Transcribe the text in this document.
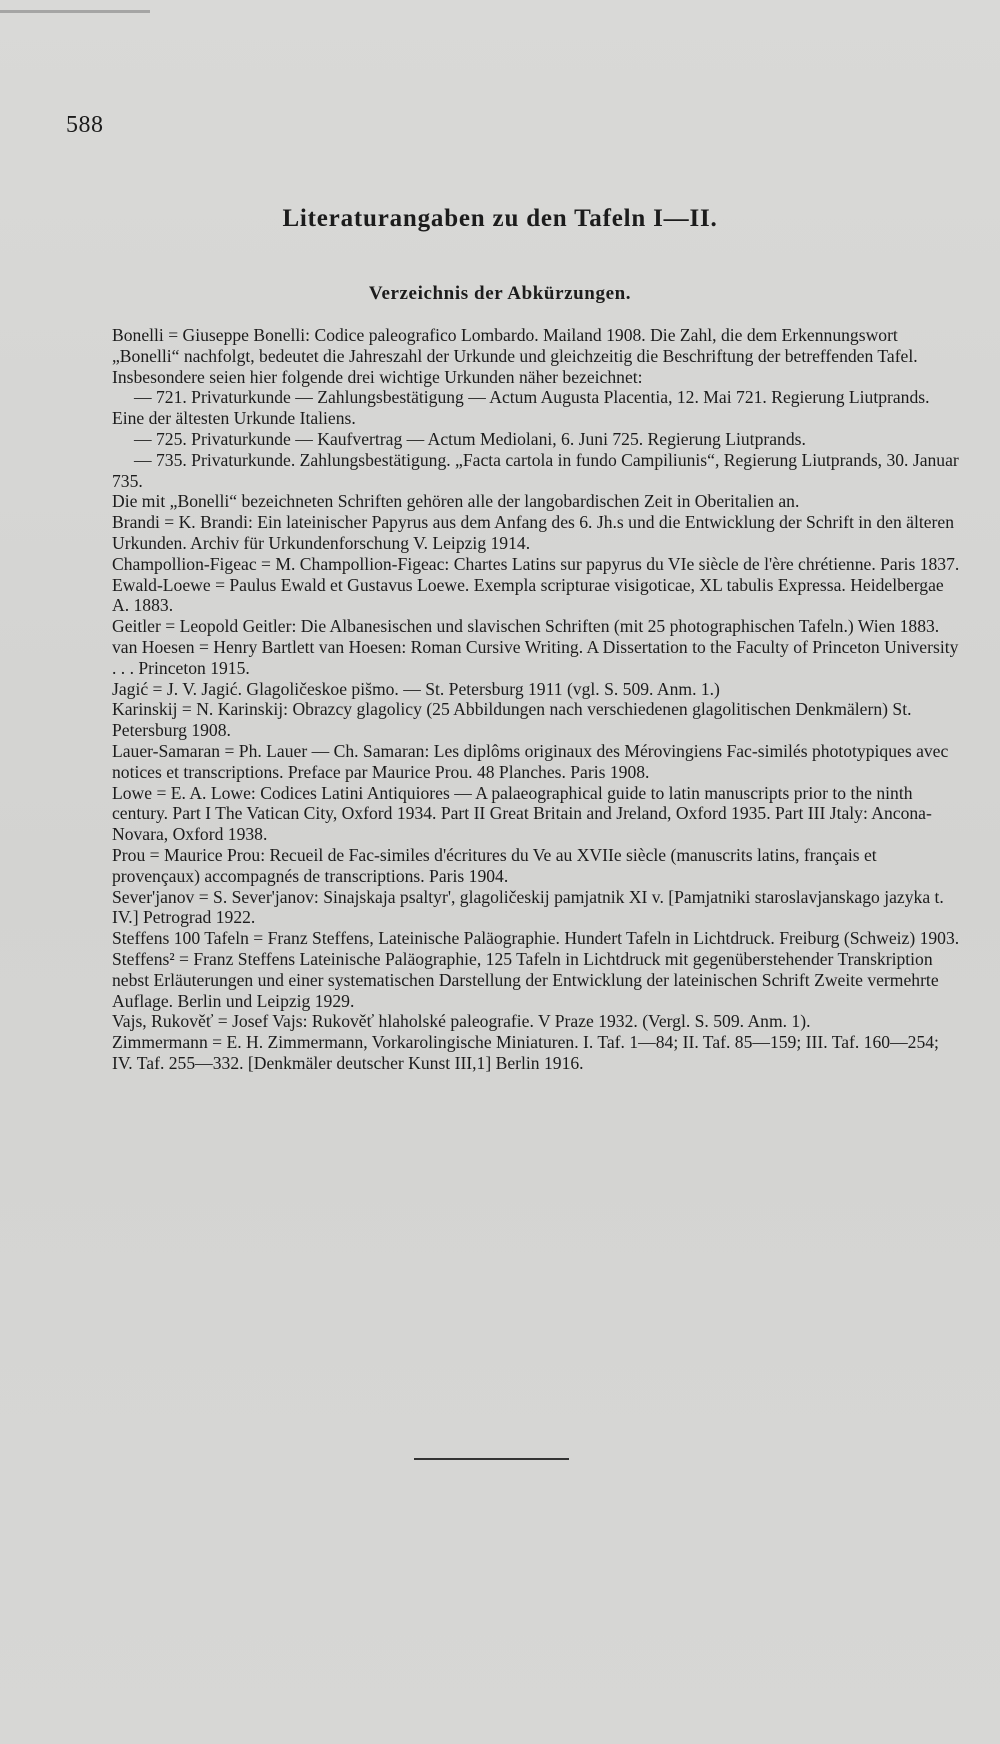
588
Literaturangaben zu den Tafeln I—II.
Verzeichnis der Abkürzungen.

Bonelli = Giuseppe Bonelli: Codice paleografico Lombardo. Mailand 1908. Die Zahl, die dem Erkennungswort „Bonelli“ nachfolgt, bedeutet die Jahreszahl der Urkunde und gleichzeitig die Beschriftung der betreffenden Tafel. Insbesondere seien hier folgende drei wichtige Urkunden näher bezeichnet:

— 721. Privaturkunde — Zahlungsbestätigung — Actum Augusta Placentia, 12. Mai 721. Regierung Liutprands. Eine der ältesten Urkunde Italiens.

— 725. Privaturkunde — Kaufvertrag — Actum Mediolani, 6. Juni 725. Regierung Liutprands.

— 735. Privaturkunde. Zahlungsbestätigung. „Facta cartola in fundo Campiliunis“, Regierung Liutprands, 30. Januar 735.

Die mit „Bonelli“ bezeichneten Schriften gehören alle der langobardischen Zeit in Oberitalien an.

Brandi = K. Brandi: Ein lateinischer Papyrus aus dem Anfang des 6. Jh.s und die Entwicklung der Schrift in den älteren Urkunden. Archiv für Urkundenforschung V. Leipzig 1914.

Champollion-Figeac = M. Champollion-Figeac: Chartes Latins sur papyrus du VIe siècle de l'ère chrétienne. Paris 1837.

Ewald-Loewe = Paulus Ewald et Gustavus Loewe. Exempla scripturae visigoticae, XL tabulis Expressa. Heidelbergae A. 1883.

Geitler = Leopold Geitler: Die Albanesischen und slavischen Schriften (mit 25 photographischen Tafeln.) Wien 1883.

van Hoesen = Henry Bartlett van Hoesen: Roman Cursive Writing. A Dissertation to the Faculty of Princeton University . . . Princeton 1915.

Jagić = J. V. Jagić. Glagoličeskoe pis̆mo. — St. Petersburg 1911 (vgl. S. 509. Anm. 1.)

Karinskij = N. Karinskij: Obrazcy glagolicy (25 Abbildungen nach verschiedenen glagolitischen Denkmälern) St. Petersburg 1908.

Lauer-Samaran = Ph. Lauer — Ch. Samaran: Les diplôms originaux des Mérovingiens Fac-similés phototypiques avec notices et transcriptions. Preface par Maurice Prou. 48 Planches. Paris 1908.

Lowe = E. A. Lowe: Codices Latini Antiquiores — A palaeographical guide to latin manuscripts prior to the ninth century. Part I The Vatican City, Oxford 1934. Part II Great Britain and Jreland, Oxford 1935. Part III Jtaly: Ancona-Novara, Oxford 1938.

Prou = Maurice Prou: Recueil de Fac-similes d'écritures du Ve au XVIIe siècle (manuscrits latins, français et provençaux) accompagnés de transcriptions. Paris 1904.

Sever'janov = S. Sever'janov: Sinajskaja psaltyr', glagoličeskij pamjatnik XI v. [Pamjatniki staroslavjanskago jazyka t. IV.] Petrograd 1922.

Steffens 100 Tafeln = Franz Steffens, Lateinische Paläographie. Hundert Tafeln in Lichtdruck. Freiburg (Schweiz) 1903.

Steffens² = Franz Steffens Lateinische Paläographie, 125 Tafeln in Lichtdruck mit gegenüberstehender Transkription nebst Erläuterungen und einer systematischen Darstellung der Entwicklung der lateinischen Schrift Zweite vermehrte Auflage. Berlin und Leipzig 1929.

Vajs, Rukověť = Josef Vajs: Rukověť hlaholské paleografie. V Praze 1932. (Vergl. S. 509. Anm. 1).

Zimmermann = E. H. Zimmermann, Vorkarolingische Miniaturen. I. Taf. 1—84; II. Taf. 85—159; III. Taf. 160—254; IV. Taf. 255—332. [Denkmäler deutscher Kunst III,1] Berlin 1916.
